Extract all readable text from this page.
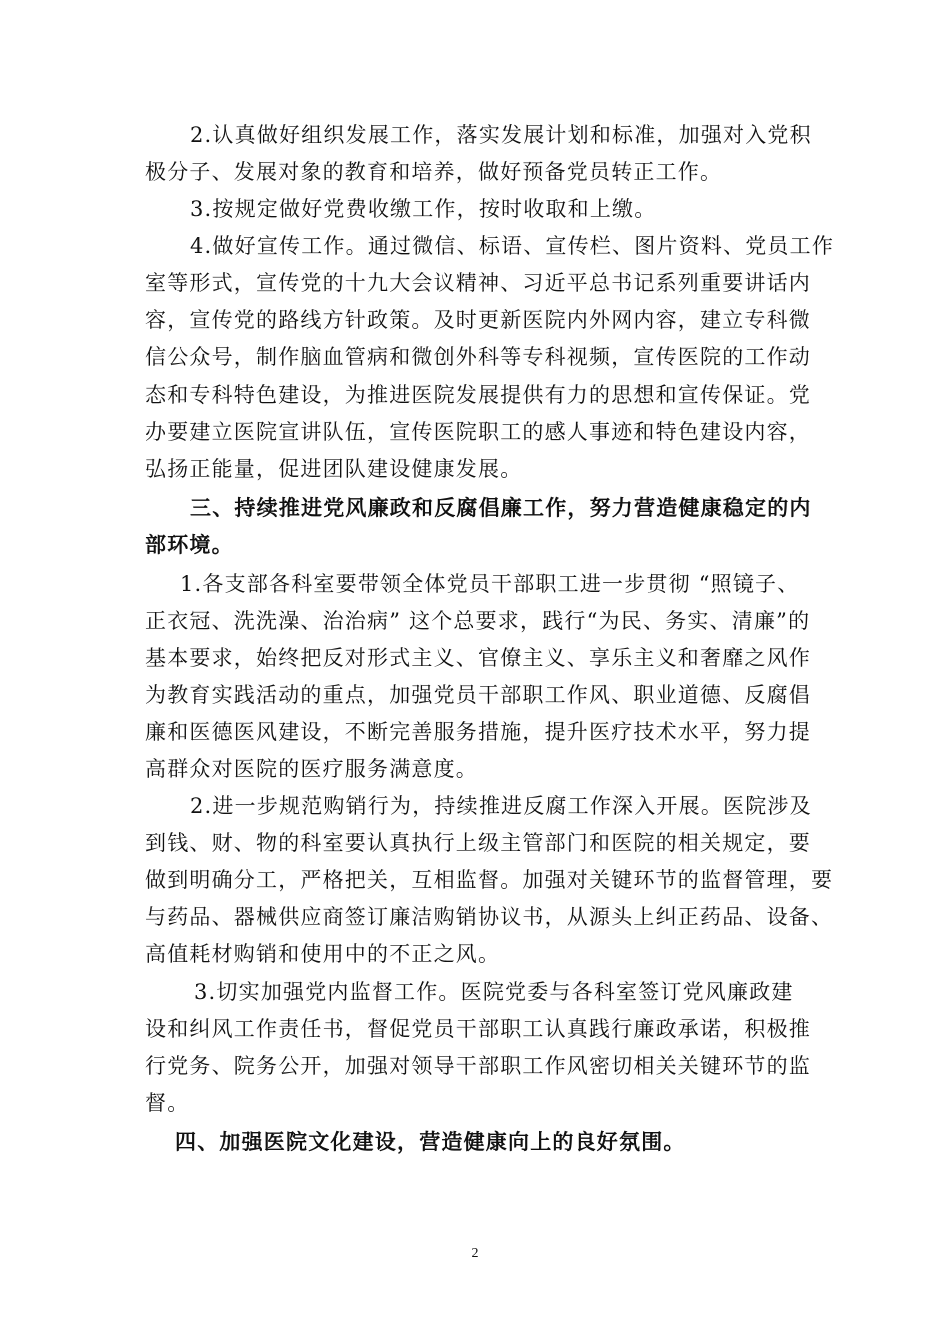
2.认真做好组织发展工作，落实发展计划和标准，加强对入党积
极分子、发展对象的教育和培养，做好预备党员转正工作。
3.按规定做好党费收缴工作，按时收取和上缴。
4.做好宣传工作。通过微信、标语、宣传栏、图片资料、党员工作
室等形式，宣传党的十九大会议精神、习近平总书记系列重要讲话内
容，宣传党的路线方针政策。及时更新医院内外网内容，建立专科微
信公众号，制作脑血管病和微创外科等专科视频，宣传医院的工作动
态和专科特色建设，为推进医院发展提供有力的思想和宣传保证。党
办要建立医院宣讲队伍，宣传医院职工的感人事迹和特色建设内容，
弘扬正能量，促进团队建设健康发展。
三、持续推进党风廉政和反腐倡廉工作，努力营造健康稳定的内
部环境。
1.各支部各科室要带领全体党员干部职工进一步贯彻 “照镜子、
正衣冠、洗洗澡、治治病” 这个总要求，践行“为民、务实、清廉”的
基本要求，始终把反对形式主义、官僚主义、享乐主义和奢靡之风作
为教育实践活动的重点，加强党员干部职工作风、职业道德、反腐倡
廉和医德医风建设，不断完善服务措施，提升医疗技术水平，努力提
高群众对医院的医疗服务满意度。
2.进一步规范购销行为，持续推进反腐工作深入开展。医院涉及
到钱、财、物的科室要认真执行上级主管部门和医院的相关规定，要
做到明确分工，严格把关，互相监督。加强对关键环节的监督管理，要
与药品、器械供应商签订廉洁购销协议书，从源头上纠正药品、设备、
高值耗材购销和使用中的不正之风。
3.切实加强党内监督工作。医院党委与各科室签订党风廉政建
设和纠风工作责任书，督促党员干部职工认真践行廉政承诺，积极推
行党务、院务公开，加强对领导干部职工作风密切相关关键环节的监
督。
四、加强医院文化建设，营造健康向上的良好氛围。
2
